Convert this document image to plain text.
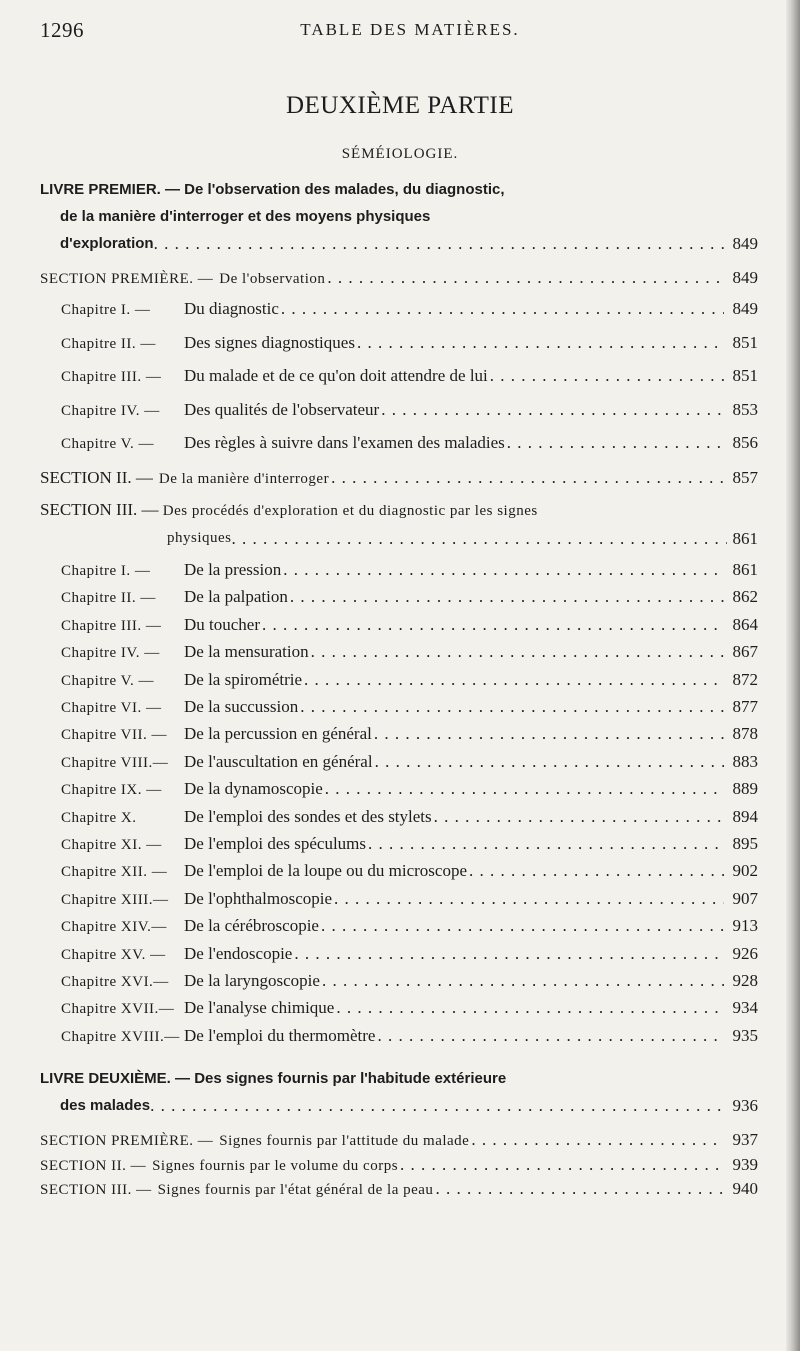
1296	TABLE DES MATIÈRES.
DEUXIÈME PARTIE
SÉMÉIOLOGIE.
LIVRE PREMIER. — De l'observation des malades, du diagnostic,
de la manière d'interroger et des moyens physiques
d'exploration . . .	849
SECTION PREMIÈRE. — De l'observation . . .	849
Chapitre I. —	Du diagnostic . . .	849
Chapitre II. —	Des signes diagnostiques . . .	851
Chapitre III. —	Du malade et de ce qu'on doit attendre de lui . . .	851
Chapitre IV. —	Des qualités de l'observateur . . .	853
Chapitre V. —	Des règles à suivre dans l'examen des maladies . . .	856
SECTION II. — De la manière d'interroger . . .	857
SECTION III. — Des procédés d'exploration et du diagnostic par les signes
physiques . . .	861
Chapitre I. —	De la pression . . .	861
Chapitre II. —	De la palpation . . .	862
Chapitre III. —	Du toucher . . .	864
Chapitre IV. —	De la mensuration . . .	867
Chapitre V. —	De la spirométrie . . .	872
Chapitre VI. —	De la succussion . . .	877
Chapitre VII. —	De la percussion en général . . .	878
Chapitre VIII.— De l'auscultation en général . . .	883
Chapitre IX. —	De la dynamoscopie . . .	889
Chapitre X.	De l'emploi des sondes et des stylets . . .	894
Chapitre XI. —	De l'emploi des spéculums . . .	895
Chapitre XII. — De l'emploi de la loupe ou du microscope . . .	902
Chapitre XIII.— De l'ophthalmoscopie . . .	907
Chapitre XIV.—	De la cérébroscopie . . .	913
Chapitre XV. —	De l'endoscopie . . .	926
Chapitre XVI.— De la laryngoscopie . . .	928
Chapitre XVII.— De l'analyse chimique . . .	934
Chapitre XVIII.— De l'emploi du thermomètre . . .	935
LIVRE DEUXIÈME. — Des signes fournis par l'habitude extérieure
des malades . . .	936
SECTION PREMIÈRE. — Signes fournis par l'attitude du malade . . .	937
SECTION II. — Signes fournis par le volume du corps . . .	939
SECTION III. — Signes fournis par l'état général de la peau . . .	940
